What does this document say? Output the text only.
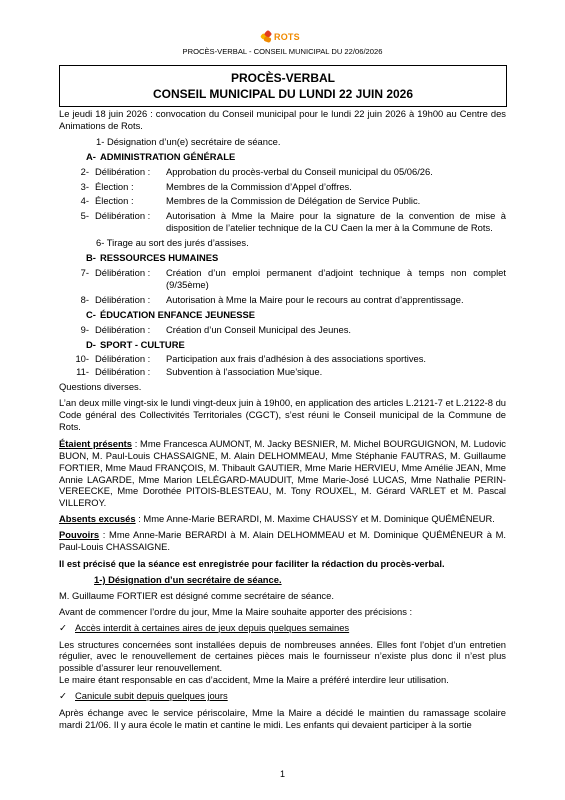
ROTS
PROCÈS-VERBAL - CONSEIL MUNICIPAL DU 22/06/2026
PROCÈS-VERBAL
CONSEIL MUNICIPAL DU LUNDI 22 JUIN 2026

Le jeudi 18 juin 2026 : convocation du Conseil municipal pour le lundi 22 juin 2026 à 19h00 au Centre des Animations de Rots.

1- Désignation d’un(e) secrétaire de séance.
A- ADMINISTRATION GÉNÉRALE
2- Délibération :	Approbation du procès-verbal du Conseil municipal du 05/06/26.
3- Élection :	Membres de la Commission d’Appel d’offres.
4- Élection :	Membres de la Commission de Délégation de Service Public.
5- Délibération :	Autorisation à Mme la Maire pour la signature de la convention de mise à disposition de l’atelier technique de la CU Caen la mer à la Commune de Rots.
6- Tirage au sort des jurés d’assises.
B- RESSOURCES HUMAINES
7- Délibération :	Création d’un emploi permanent d’adjoint technique à temps non complet (9/35ème)
8- Délibération :	Autorisation à Mme la Maire pour le recours au contrat d’apprentissage.
C- ÉDUCATION ENFANCE JEUNESSE
9- Délibération :	Création d’un Conseil Municipal des Jeunes.
D- SPORT - CULTURE
10- Délibération :	Participation aux frais d’adhésion à des associations sportives.
11- Délibération :	Subvention à l’association Mue’sique.

Questions diverses.

L’an deux mille vingt-six le lundi vingt-deux juin à 19h00, en application des articles L.2121-7 et L.2122-8 du Code général des Collectivités Territoriales (CGCT), s’est réuni le Conseil municipal de la Commune de Rots.

Étaient présents : Mme Francesca AUMONT, M. Jacky BESNIER, M. Michel BOURGUIGNON, M. Ludovic BUON, M. Paul-Louis CHASSAIGNE, M. Alain DELHOMMEAU, Mme Stéphanie FAUTRAS, M. Guillaume FORTIER, Mme Maud FRANÇOIS, M. Thibault GAUTIER, Mme Marie HERVIEU, Mme Amélie JEAN, Mme Annie LAGARDE, Mme Marion LELÉGARD-MAUDUIT, Mme Marie-José LUCAS, Mme Nathalie PERIN-VEREECKE, Mme Dorothée PITOIS-BLESTEAU, M. Tony ROUXEL, M. Gérard VARLET et M. Pascal VILLEROY.

Absents excusés : Mme Anne-Marie BERARDI, M. Maxime CHAUSSY et M. Dominique QUÉMÉNEUR.

Pouvoirs : Mme Anne-Marie BERARDI à M. Alain DELHOMMEAU et M. Dominique QUÉMÉNEUR à M. Paul-Louis CHASSAIGNE.

Il est précisé que la séance est enregistrée pour faciliter la rédaction du procès-verbal.

1-) Désignation d’un secrétaire de séance.

M. Guillaume FORTIER est désigné comme secrétaire de séance.

Avant de commencer l’ordre du jour, Mme la Maire souhaite apporter des précisions :

✓ Accès interdit à certaines aires de jeux depuis quelques semaines

Les structures concernées sont installées depuis de nombreuses années. Elles font l’objet d’un entretien régulier, avec le renouvellement de certaines pièces mais le fournisseur n’existe plus donc il n’est plus possible d’assurer leur renouvellement.

Le maire étant responsable en cas d’accident, Mme la Maire a préféré interdire leur utilisation.

✓ Canicule subit depuis quelques jours

Après échange avec le service périscolaire, Mme la Maire a décidé le maintien du ramassage scolaire mardi 21/06. Il y aura école le matin et cantine le midi. Les enfants qui devaient participer à la sortie

1
